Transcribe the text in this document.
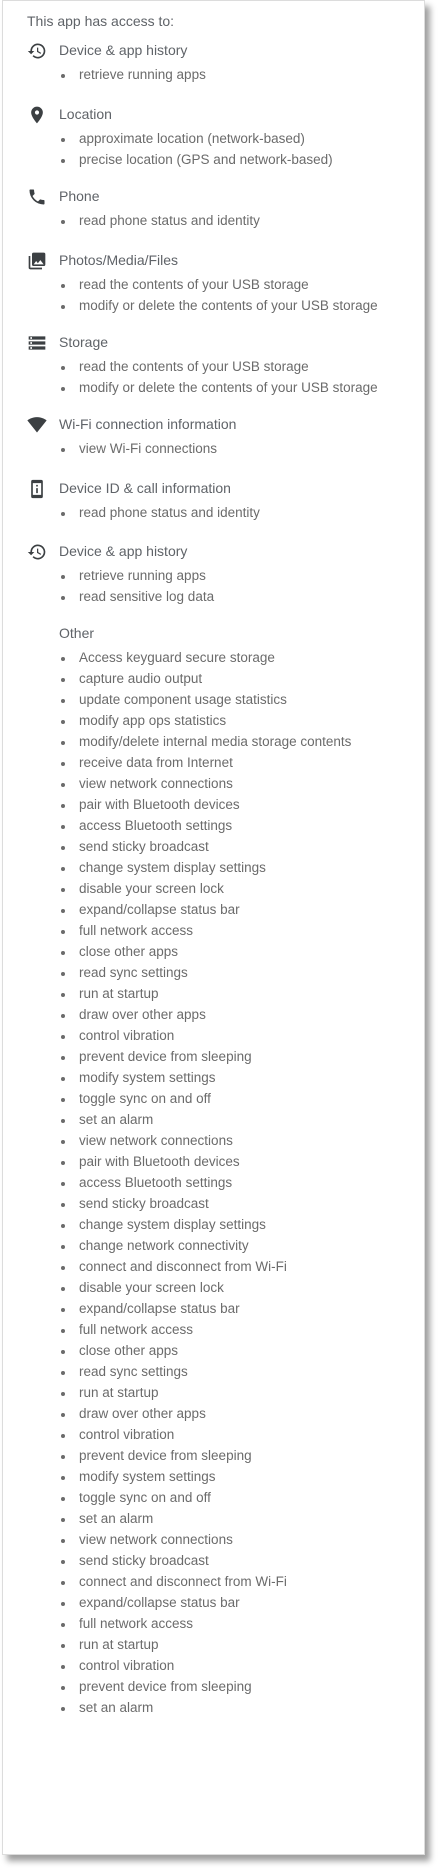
This app has access to:
Device & app history
retrieve running apps
Location
approximate location (network-based)
precise location (GPS and network-based)
Phone
read phone status and identity
Photos/Media/Files
read the contents of your USB storage
modify or delete the contents of your USB storage
Storage
read the contents of your USB storage
modify or delete the contents of your USB storage
Wi-Fi connection information
view Wi-Fi connections
Device ID & call information
read phone status and identity
Device & app history
retrieve running apps
read sensitive log data
Other
Access keyguard secure storage
capture audio output
update component usage statistics
modify app ops statistics
modify/delete internal media storage contents
receive data from Internet
view network connections
pair with Bluetooth devices
access Bluetooth settings
send sticky broadcast
change system display settings
disable your screen lock
expand/collapse status bar
full network access
close other apps
read sync settings
run at startup
draw over other apps
control vibration
prevent device from sleeping
modify system settings
toggle sync on and off
set an alarm
view network connections
pair with Bluetooth devices
access Bluetooth settings
send sticky broadcast
change system display settings
change network connectivity
connect and disconnect from Wi-Fi
disable your screen lock
expand/collapse status bar
full network access
close other apps
read sync settings
run at startup
draw over other apps
control vibration
prevent device from sleeping
modify system settings
toggle sync on and off
set an alarm
view network connections
send sticky broadcast
connect and disconnect from Wi-Fi
expand/collapse status bar
full network access
run at startup
control vibration
prevent device from sleeping
set an alarm
